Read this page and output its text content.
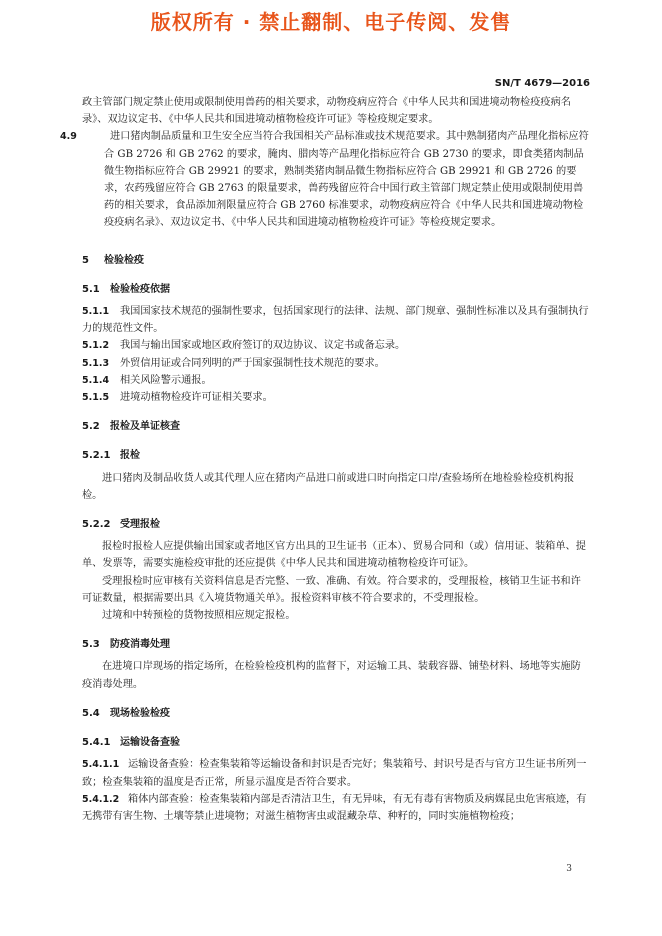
版权所有 · 禁止翻制、电子传阅、发售
SN/T 4679—2016

政主管部门规定禁止使用或限制使用兽药的相关要求，动物疫病应符合《中华人民共和国进境动物检疫疫病名录》、双边议定书、《中华人民共和国进境动植物检疫许可证》等检疫规定要求。

4.9	进口猪肉制品质量和卫生安全应当符合我国相关产品标准或技术规范要求。其中熟制猪肉产品理化指标应符合 GB 2726 和 GB 2762 的要求，腌肉、腊肉等产品理化指标应符合 GB 2730 的要求，即食类猪肉制品微生物指标应符合 GB 29921 的要求，熟制类猪肉制品微生物指标应符合 GB 29921 和 GB 2726 的要求，农药残留应符合 GB 2763 的限量要求，兽药残留应符合中国行政主管部门规定禁止使用或限制使用兽药的相关要求，食品添加剂限量应符合 GB 2760 标准要求，动物疫病应符合《中华人民共和国进境动物检疫疫病名录》、双边议定书、《中华人民共和国进境动植物检疫许可证》等检疫规定要求。

5 检验检疫
5.1 检验检疫依据

5.1.1 我国国家技术规范的强制性要求，包括国家现行的法律、法规、部门规章、强制性标准以及具有强制执行力的规范性文件。

5.1.2 我国与输出国家或地区政府签订的双边协议、议定书或备忘录。

5.1.3 外贸信用证或合同列明的严于国家强制性技术规范的要求。

5.1.4 相关风险警示通报。

5.1.5 进境动植物检疫许可证相关要求。

5.2 报检及单证核查
5.2.1 报检

进口猪肉及制品收货人或其代理人应在猪肉产品进口前或进口时向指定口岸/查验场所在地检验检疫机构报检。

5.2.2 受理报检

报检时报检人应提供输出国家或者地区官方出具的卫生证书（正本）、贸易合同和（或）信用证、装箱单、提单、发票等，需要实施检疫审批的还应提供《中华人民共和国进境动植物检疫许可证》。

受理报检时应审核有关资料信息是否完整、一致、准确、有效。符合要求的，受理报检，核销卫生证书和许可证数量，根据需要出具《入境货物通关单》。报检资料审核不符合要求的，不受理报检。

过境和中转预检的货物按照相应规定报检。

5.3 防疫消毒处理

在进境口岸现场的指定场所，在检验检疫机构的监督下，对运输工具、装载容器、铺垫材料、场地等实施防疫消毒处理。

5.4 现场检验检疫
5.4.1 运输设备查验

5.4.1.1 运输设备查验：检查集装箱等运输设备和封识是否完好；集装箱号、封识号是否与官方卫生证书所列一致；检查集装箱的温度是否正常，所显示温度是否符合要求。

5.4.1.2 箱体内部查验：检查集装箱内部是否清洁卫生，有无异味，有无有毒有害物质及病媒昆虫危害痕迹，有无携带有害生物、土壤等禁止进境物；对滋生植物害虫或混藏杂草、种籽的，同时实施植物检疫；

3
